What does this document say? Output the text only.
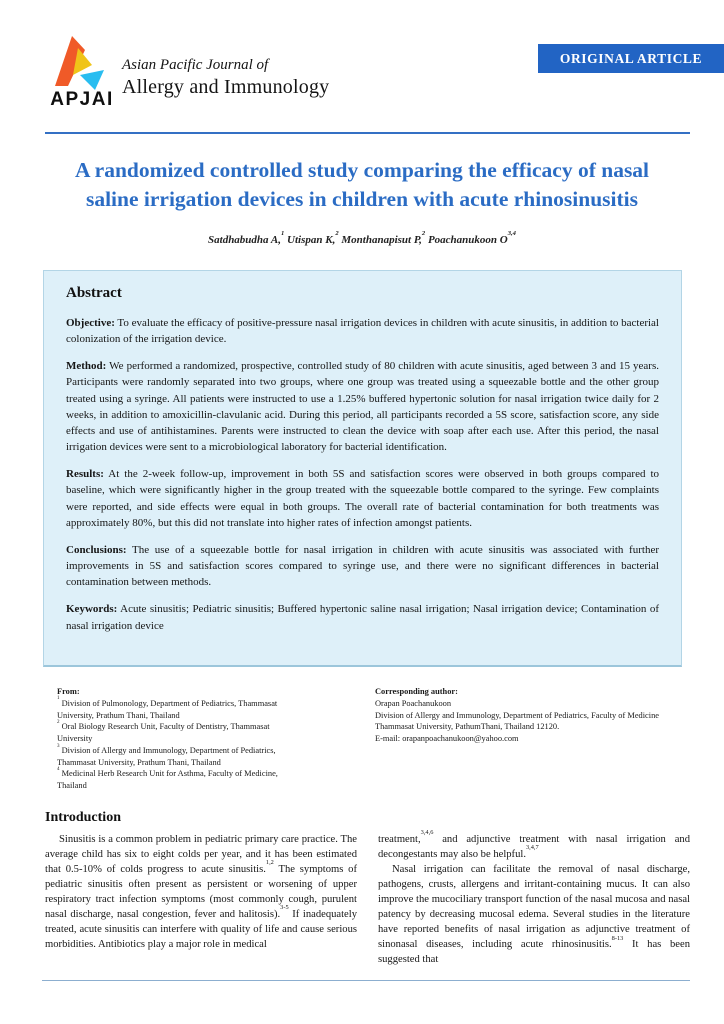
APJAI
Asian Pacific Journal of
Allergy and Immunology
ORIGINAL ARTICLE
A randomized controlled study comparing the efficacy of nasal
saline irrigation devices in children with acute rhinosinusitis
Satdhabudha A,$^1$ Utispan K,$^2$ Monthanapisut P,$^2$ Poachanukoon O$^{3,4}$
Abstract

Objective: To evaluate the efficacy of positive-pressure nasal irrigation devices in children with acute sinusitis, in addition to bacterial colonization of the irrigation device.

Method: We performed a randomized, prospective, controlled study of 80 children with acute sinusitis, aged between 3 and 15 years. Participants were randomly separated into two groups, where one group was treated using a squeezable bottle and the other group treated using a syringe. All patients were instructed to use a 1.25% buffered hypertonic solution for nasal irrigation twice daily for 2 weeks, in addition to amoxicillin-clavulanic acid. During this period, all participants recorded a 5S score, satisfaction score, any side effects and use of antihistamines. Parents were instructed to clean the device with soap after each use. After this period, the nasal irrigation devices were sent to a microbiological laboratory for bacterial identification.

Results: At the 2-week follow-up, improvement in both 5S and satisfaction scores were observed in both groups compared to baseline, which were significantly higher in the group treated with the squeezable bottle compared to the syringe. Few complaints were reported, and side effects were equal in both groups. The overall rate of bacterial contamination for both treatments was approximately 80%, but this did not translate into higher rates of infection amongst patients.

Conclusions: The use of a squeezable bottle for nasal irrigation in children with acute sinusitis was associated with further improvements in 5S and satisfaction scores compared to syringe use, and there were no significant differences in bacterial contamination between methods.

Keywords: Acute sinusitis; Pediatric sinusitis; Buffered hypertonic saline nasal irrigation; Nasal irrigation device; Contamination of nasal irrigation device

From:

$^1$ Division of Pulmonology, Department of Pediatrics, Thammasat University, Prathum Thani, Thailand

$^2$ Oral Biology Research Unit, Faculty of Dentistry, Thammasat University

$^3$ Division of Allergy and Immunology, Department of Pediatrics, Thammasat University, Prathum Thani, Thailand

$^4$ Medicinal Herb Research Unit for Asthma, Faculty of Medicine, Thailand

Corresponding author:

Orapan Poachanukoon

Division of Allergy and Immunology, Department of Pediatrics, Faculty of Medicine

Thammasat University, PathumThani, Thailand 12120.

E-mail: orapanpoachanukoon@yahoo.com

Introduction

Sinusitis is a common problem in pediatric primary care practice. The average child has six to eight colds per year, and it has been estimated that 0.5-10% of colds progress to acute sinusitis.$^{1,2}$ The symptoms of pediatric sinusitis often present as persistent or worsening of upper respiratory tract infection symptoms (most commonly cough, purulent nasal discharge, nasal congestion, fever and halitosis).$^{3-5}$ If inadequately treated, acute sinusitis can interfere with quality of life and cause serious morbidities. Antibiotics play a major role in medical

treatment,$^{3,4,6}$ and adjunctive treatment with nasal irrigation and decongestants may also be helpful.$^{3,4,7}$

Nasal irrigation can facilitate the removal of nasal discharge, pathogens, crusts, allergens and irritant-containing mucus. It can also improve the mucociliary transport function of the nasal mucosa and nasal patency by decreasing mucosal edema. Several studies in the literature have reported benefits of nasal irrigation as adjunctive treatment of sinonasal diseases, including acute rhinosinusitis.$^{8-13}$ It has been suggested that
